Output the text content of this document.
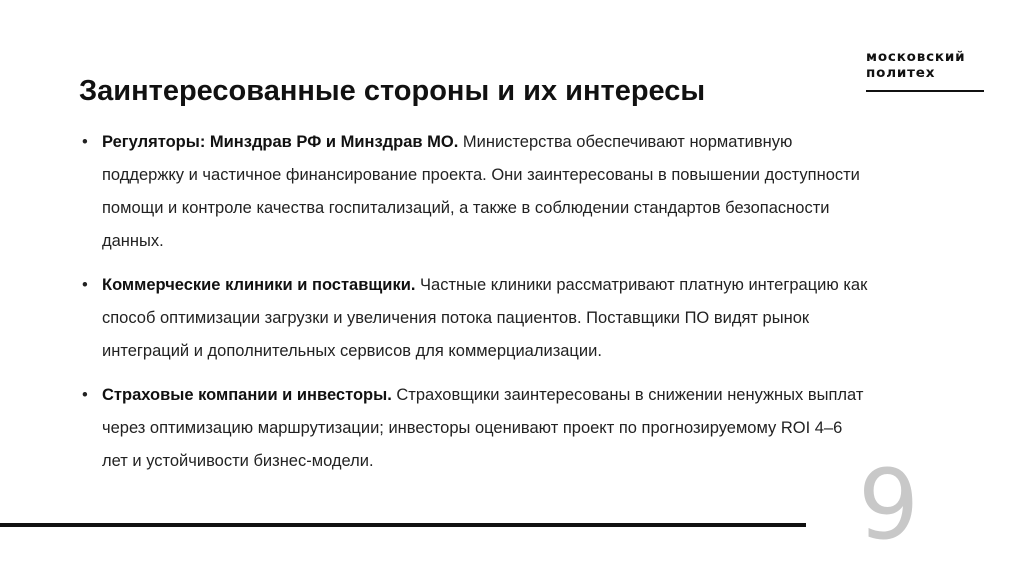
московский
политех
Заинтересованные стороны и их интересы
• Регуляторы: Минздрав РФ и Минздрав МО. Министерства обеспечивают нормативную поддержку и частичное финансирование проекта. Они заинтересованы в повышении доступности помощи и контроле качества госпитализаций, а также в соблюдении стандартов безопасности данных.
• Коммерческие клиники и поставщики. Частные клиники рассматривают платную интеграцию как способ оптимизации загрузки и увеличения потока пациентов. Поставщики ПО видят рынок интеграций и дополнительных сервисов для коммерциализации.
• Страховые компании и инвесторы. Страховщики заинтересованы в снижении ненужных выплат через оптимизацию маршрутизации; инвесторы оценивают проект по прогнозируемому ROI 4–6 лет и устойчивости бизнес-модели.	9
